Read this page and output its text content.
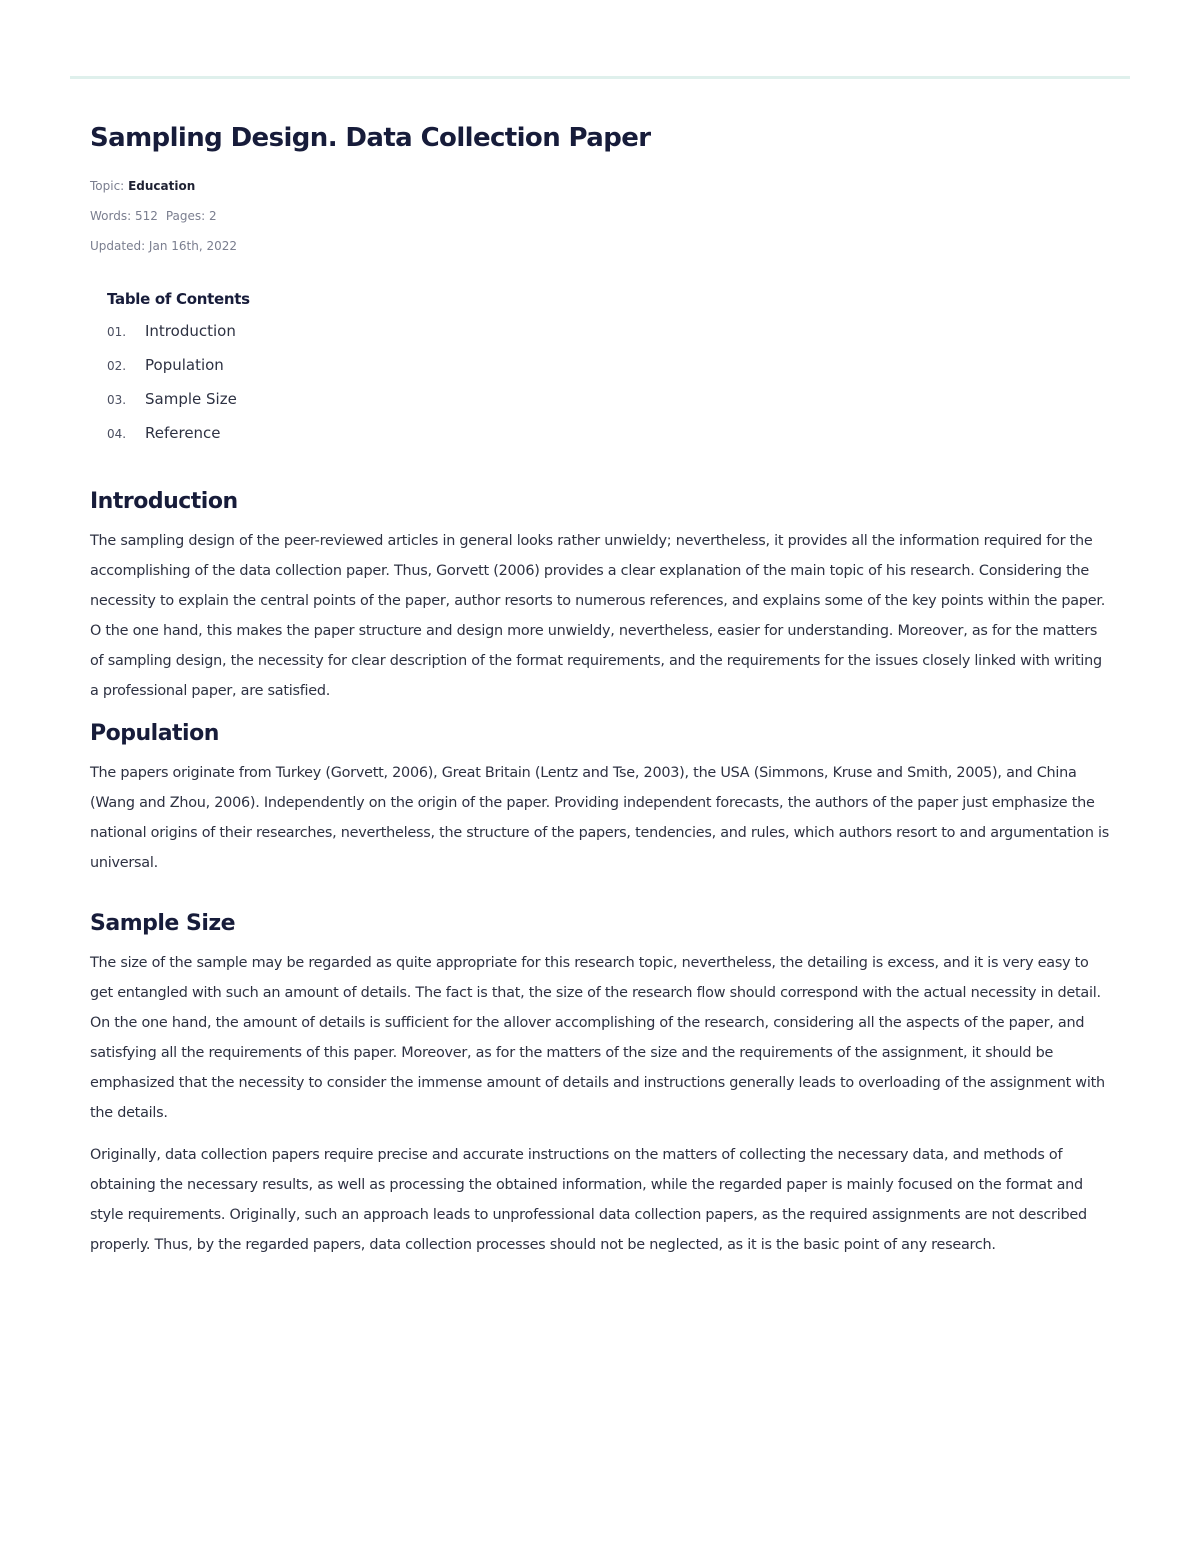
Sampling Design. Data Collection Paper
Topic: Education
Words: 512 Pages: 2
Updated: Jan 16th, 2022
Table of Contents
01.	Introduction
02.	Population
03.	Sample Size
04.	Reference
Introduction

The sampling design of the peer-reviewed articles in general looks rather unwieldy; nevertheless, it provides all the information required for the accomplishing of the data collection paper. Thus, Gorvett (2006) provides a clear explanation of the main topic of his research. Considering the necessity to explain the central points of the paper, author resorts to numerous references, and explains some of the key points within the paper. O the one hand, this makes the paper structure and design more unwieldy, nevertheless, easier for understanding. Moreover, as for the matters of sampling design, the necessity for clear description of the format requirements, and the requirements for the issues closely linked with writing a professional paper, are satisfied.

Population

The papers originate from Turkey (Gorvett, 2006), Great Britain (Lentz and Tse, 2003), the USA (Simmons, Kruse and Smith, 2005), and China (Wang and Zhou, 2006). Independently on the origin of the paper. Providing independent forecasts, the authors of the paper just emphasize the national origins of their researches, nevertheless, the structure of the papers, tendencies, and rules, which authors resort to and argumentation is universal.

Sample Size

The size of the sample may be regarded as quite appropriate for this research topic, nevertheless, the detailing is excess, and it is very easy to get entangled with such an amount of details. The fact is that, the size of the research flow should correspond with the actual necessity in detail. On the one hand, the amount of details is sufficient for the allover accomplishing of the research, considering all the aspects of the paper, and satisfying all the requirements of this paper. Moreover, as for the matters of the size and the requirements of the assignment, it should be emphasized that the necessity to consider the immense amount of details and instructions generally leads to overloading of the assignment with the details.

Originally, data collection papers require precise and accurate instructions on the matters of collecting the necessary data, and methods of obtaining the necessary results, as well as processing the obtained information, while the regarded paper is mainly focused on the format and style requirements. Originally, such an approach leads to unprofessional data collection papers, as the required assignments are not described properly. Thus, by the regarded papers, data collection processes should not be neglected, as it is the basic point of any research.
